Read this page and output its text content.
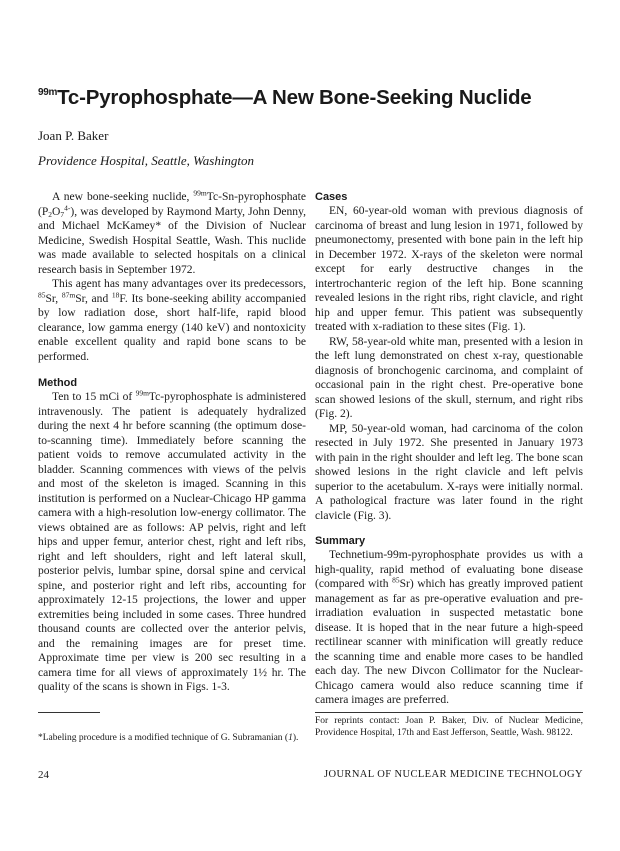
$^{99m}$Tc-Pyrophosphate—A New Bone-Seeking Nuclide
Joan P. Baker
Providence Hospital, Seattle, Washington

A new bone-seeking nuclide, $^{99m}$Tc-Sn-pyrophosphate $(P_2O_7^{4-})$, was developed by Raymond Marty, John Denny, and Michael McKamey* of the Division of Nuclear Medicine, Swedish Hospital Seattle, Wash. This nuclide was made available to selected hospitals on a clinical research basis in September 1972.

This agent has many advantages over its predecessors, $^{85}$Sr, $^{87m}$Sr, and $^{18}$F. Its bone-seeking ability accompanied by low radiation dose, short half-life, rapid blood clearance, low gamma energy (140 keV) and nontoxicity enable excellent quality and rapid bone scans to be performed.

Method

Ten to 15 mCi of $^{99m}$Tc-pyrophosphate is administered intravenously. The patient is adequately hydralized during the next 4 hr before scanning (the optimum dose-to-scanning time). Immediately before scanning the patient voids to remove accumulated activity in the bladder. Scanning commences with views of the pelvis and most of the skeleton is imaged. Scanning in this institution is performed on a Nuclear-Chicago HP gamma camera with a high-resolution low-energy collimator. The views obtained are as follows: AP pelvis, right and left hips and upper femur, anterior chest, right and left ribs, right and left shoulders, right and left lateral skull, posterior pelvis, lumbar spine, dorsal spine and cervical spine, and posterior right and left ribs, accounting for approximately 12-15 projections, the lower and upper extremities being included in some cases. Three hundred thousand counts are collected over the anterior pelvis, and the remaining images are for preset time. Approximate time per view is 200 sec resulting in a camera time for all views of approximately 1½ hr. The quality of the scans is shown in Figs. 1-3.

Cases

EN, 60-year-old woman with previous diagnosis of carcinoma of breast and lung lesion in 1971, followed by pneumonectomy, presented with bone pain in the left hip in December 1972. X-rays of the skeleton were normal except for early destructive changes in the intertrochanteric region of the left hip. Bone scanning revealed lesions in the right ribs, right clavicle, and right hip and upper femur. This patient was subsequently treated with x-radiation to these sites (Fig. 1).

RW, 58-year-old white man, presented with a lesion in the left lung demonstrated on chest x-ray, questionable diagnosis of bronchogenic carcinoma, and complaint of occasional pain in the right chest. Pre-operative bone scan showed lesions of the skull, sternum, and right ribs (Fig. 2).

MP, 50-year-old woman, had carcinoma of the colon resected in July 1972. She presented in January 1973 with pain in the right shoulder and left leg. The bone scan showed lesions in the right clavicle and left pelvis superior to the acetabulum. X-rays were initially normal. A pathological fracture was later found in the right clavicle (Fig. 3).

Summary

Technetium-99m-pyrophosphate provides us with a high-quality, rapid method of evaluating bone disease (compared with $^{85}$Sr) which has greatly improved patient management as far as pre-operative evaluation and pre-irradiation evaluation in suspected metastatic bone disease. It is hoped that in the near future a high-speed rectilinear scanner with minification will greatly reduce the scanning time and enable more cases to be handled each day. The new Divcon Collimator for the Nuclear-Chicago camera would also reduce scanning time if camera images are preferred.

*Labeling procedure is a modified technique of G. Subramanian (1).
For reprints contact: Joan P. Baker, Div. of Nuclear Medicine, Providence Hospital, 17th and East Jefferson, Seattle, Wash. 98122.
24	JOURNAL OF NUCLEAR MEDICINE TECHNOLOGY
